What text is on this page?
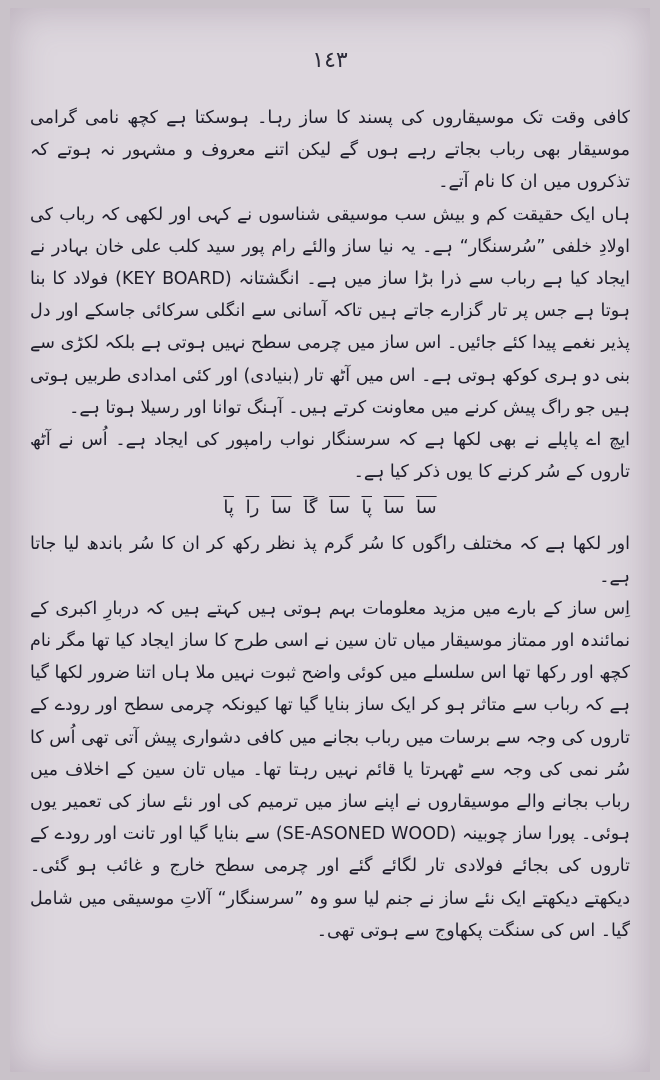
١٤٣

کافی وقت تک موسیقاروں کی پسند کا ساز رہا۔ ہوسکتا ہے کچھ نامی گرامی موسیقار بھی رباب بجاتے رہے ہوں گے لیکن اتنے معروف و مشہور نہ ہوتے کہ تذکروں میں ان کا نام آتے۔

ہاں ایک حقیقت کم و بیش سب موسیقی شناسوں نے کہی اور لکھی کہ رباب کی اولادِ خلفی ”سُرسنگار“ ہے۔ یہ نیا ساز والئے رام پور سید کلب علی خان بہادر نے ایجاد کیا ہے رباب سے ذرا بڑا ساز میں ہے۔ انگشتانہ (KEY BOARD) فولاد کا بنا ہوتا ہے جس پر تار گزارے جاتے ہیں تاکہ آسانی سے انگلی سرکائی جاسکے اور دل پذیر نغمے پیدا کئے جائیں۔ اس ساز میں چرمی سطح نہیں ہوتی ہے بلکہ لکڑی سے بنی دو ہری کوکھ ہوتی ہے۔ اس میں آٹھ تار (بنیادی) اور کئی امدادی طربیں ہوتی ہیں جو راگ پیش کرنے میں معاونت کرتے ہیں۔ آہنگ توانا اور رسیلا ہوتا ہے۔

ایچ اے پاپلے نے بھی لکھا ہے کہ سرسنگار نواب رامپور کی ایجاد ہے۔ اُس نے آٹھ تاروں کے سُر کرنے کا یوں ذکر کیا ہے۔

سا سا پا سا گا سا را پا

اور لکھا ہے کہ مختلف راگوں کا سُر گرم پذ نظر رکھ کر ان کا سُر باندھ لیا جاتا ہے۔

اِس ساز کے بارے میں مزید معلومات بہم ہوتی ہیں کہتے ہیں کہ دربارِ اکبری کے نمائندہ اور ممتاز موسیقار میاں تان سین نے اسی طرح کا ساز ایجاد کیا تھا مگر نام کچھ اور رکھا تھا اس سلسلے میں کوئی واضح ثبوت نہیں ملا ہاں اتنا ضرور لکھا گیا ہے کہ رباب سے متاثر ہو کر ایک ساز بنایا گیا تھا کیونکہ چرمی سطح اور رودے کے تاروں کی وجہ سے برسات میں رباب بجانے میں کافی دشواری پیش آتی تھی اُس کا سُر نمی کی وجہ سے ٹھہرتا یا قائم نہیں رہتا تھا۔ میاں تان سین کے اخلاف میں رباب بجانے والے موسیقاروں نے اپنے ساز میں ترمیم کی اور نئے ساز کی تعمیر یوں ہوئی۔ پورا ساز چوبینہ (SE-ASONED WOOD) سے بنایا گیا اور تانت اور رودے کے تاروں کی بجائے فولادی تار لگائے گئے اور چرمی سطح خارج و غائب ہو گئی۔ دیکھتے دیکھتے ایک نئے ساز نے جنم لیا سو وہ ”سرسنگار“ آلاتِ موسیقی میں شامل گیا۔ اس کی سنگت پکھاوج سے ہوتی تھی۔
